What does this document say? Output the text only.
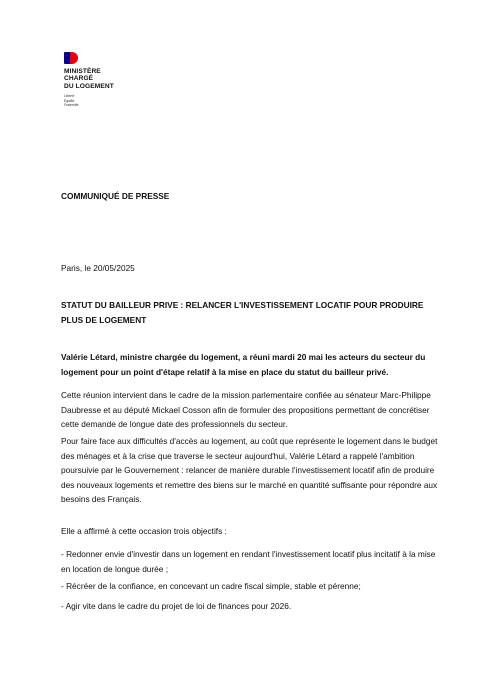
MINISTÈRE
CHARGÉ
DU LOGEMENT
Liberté
Égalité
Fraternité
COMMUNIQUÉ DE PRESSE
Paris, le 20/05/2025
STATUT DU BAILLEUR PRIVE : RELANCER L'INVESTISSEMENT LOCATIF POUR PRODUIRE PLUS DE LOGEMENT
Valérie Létard, ministre chargée du logement, a réuni mardi 20 mai les acteurs du secteur du logement pour un point d'étape relatif à la mise en place du statut du bailleur privé.
Cette réunion intervient dans le cadre de la mission parlementaire confiée au sénateur Marc-Philippe Daubresse et au député Mickael Cosson afin de formuler des propositions permettant de concrétiser cette demande de longue date des professionnels du secteur.
Pour faire face aux difficultés d'accès au logement, au coût que représente le logement dans le budget des ménages et à la crise que traverse le secteur aujourd'hui, Valérie Létard a rappelé l'ambition poursuivie par le Gouvernement : relancer de manière durable l'investissement locatif afin de produire des nouveaux logements et remettre des biens sur le marché en quantité suffisante pour répondre aux besoins des Français.
Elle a affirmé à cette occasion trois objectifs :
- Redonner envie d'investir dans un logement en rendant l'investissement locatif plus incitatif à la mise en location de longue durée ;
- Récréer de la confiance, en concevant un cadre fiscal simple, stable et pérenne;
- Agir vite dans le cadre du projet de loi de finances pour 2026.
